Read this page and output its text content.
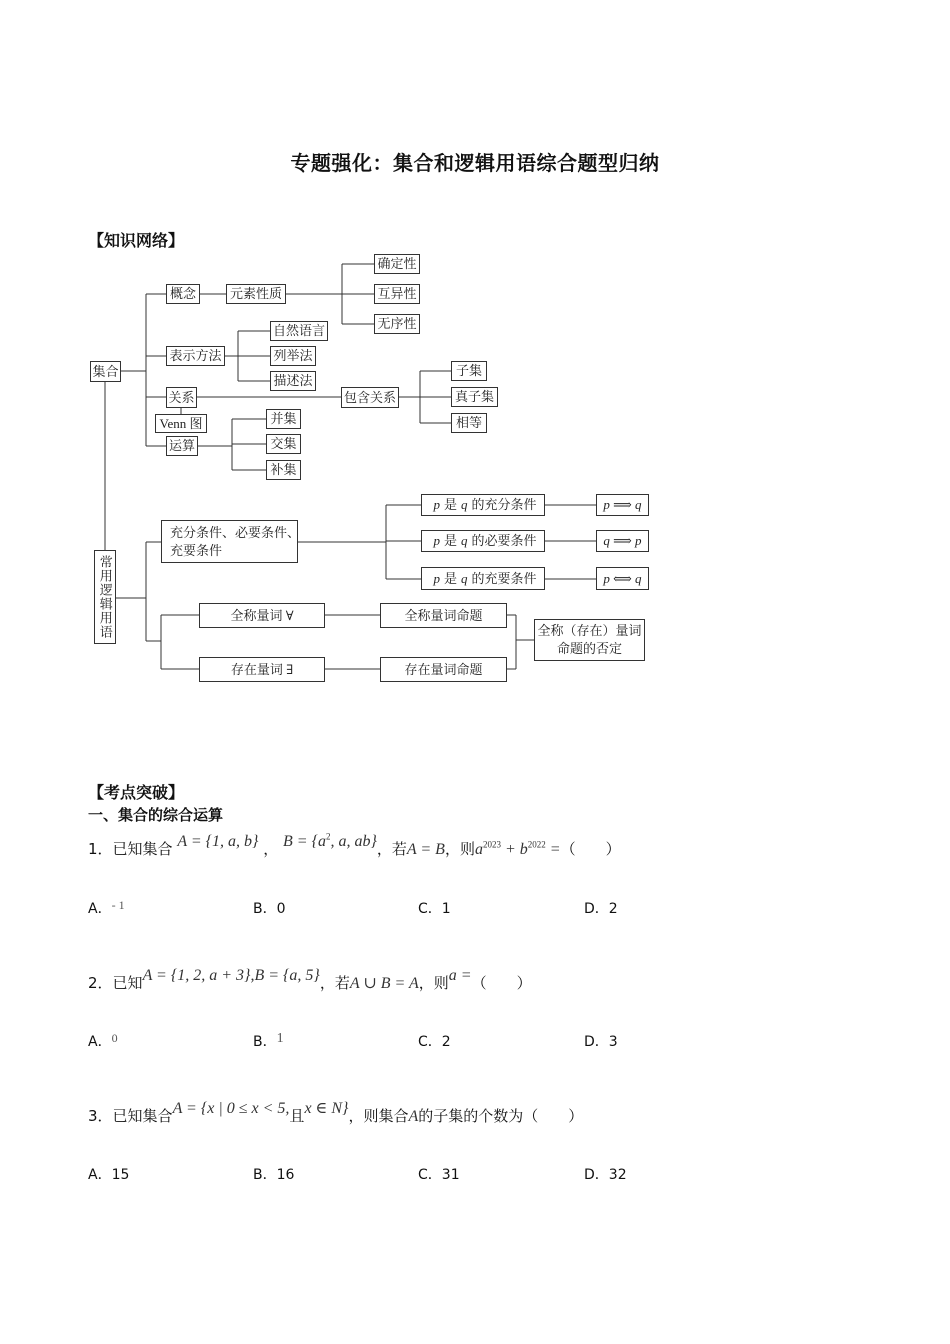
专题强化：集合和逻辑用语综合题型归纳
【知识网络】
集合
概念	元素性质
确定性
互异性
无序性
表示方法
自然语言
列举法
描述法
关系
Venn 图
包含关系
子集
真子集
相等
运算
并集
交集
补集
常用逻辑用语
充分条件、必要条件、
充要条件
p 是 q 的充分条件
p 是 q 的必要条件
p 是 q 的充要条件
p ⟹ q
q ⟹ p
p ⟺ q
全称量词 ∀
存在量词 ∃
全称量词命题
存在量词命题
全称（存在）量词
命题的否定
【考点突破】
一、集合的综合运算
1．已知集合 A = {1, a, b} ， $B = \{a^2$, a, ab}，若A = B，则$a^{2023} + b^{2022}$ =（　　）
A．- 1	B．0	C．1	D．2
2．已知A = {1, 2, a + 3},B = {a, 5}，若A ∪ B = A，则a =（　　）
A．0	B．1	C．2	D．3
3．已知集合A = {x | 0 ≤ x < 5,且x ∈ N}，则集合A的子集的个数为（　　）
A．15	B．16	C．31	D．32
